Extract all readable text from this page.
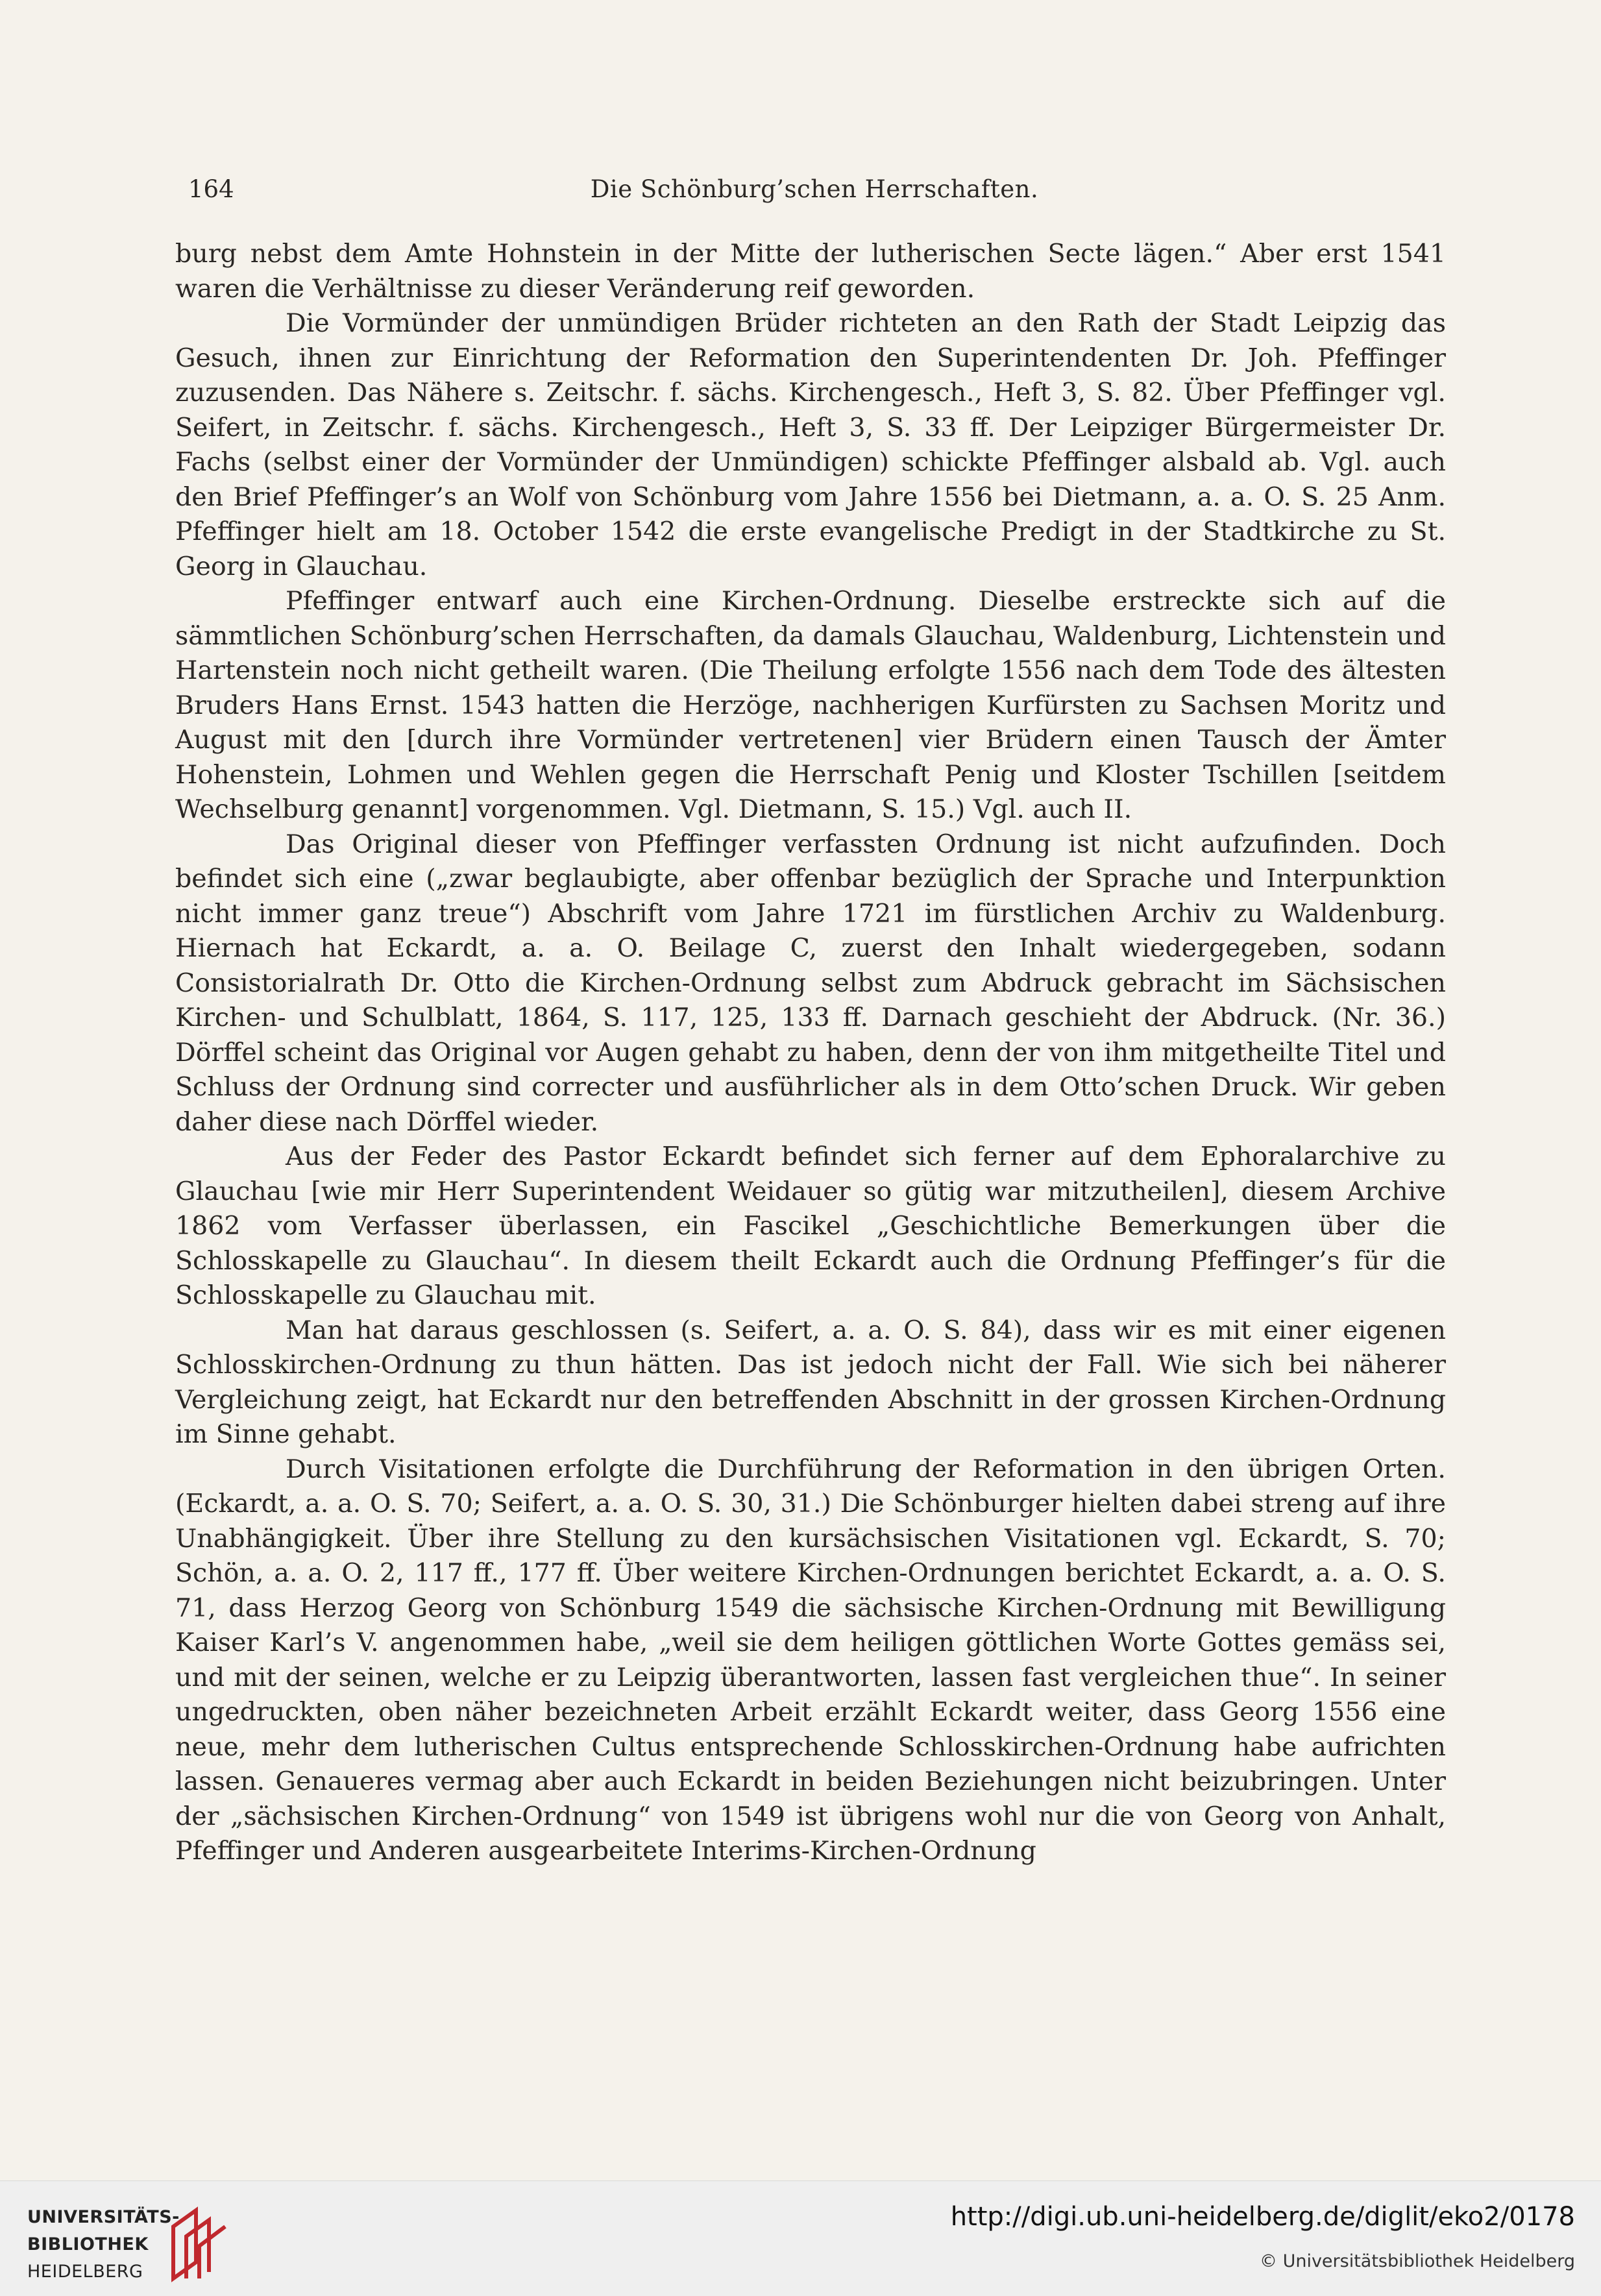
164	Die Schönburg’schen Herrschaften.

burg nebst dem Amte Hohnstein in der Mitte der lutherischen Secte lägen.“ Aber erst 1541 waren die Verhältnisse zu dieser Veränderung reif geworden.

Die Vormünder der unmündigen Brüder richteten an den Rath der Stadt Leipzig das Gesuch, ihnen zur Einrichtung der Reformation den Superintendenten Dr. Joh. Pfeffinger zuzusenden. Das Nähere s. Zeitschr. f. sächs. Kirchengesch., Heft 3, S. 82. Über Pfeffinger vgl. Seifert, in Zeitschr. f. sächs. Kirchengesch., Heft 3, S. 33 ff. Der Leipziger Bürgermeister Dr. Fachs (selbst einer der Vormünder der Unmündigen) schickte Pfeffinger alsbald ab. Vgl. auch den Brief Pfeffinger’s an Wolf von Schönburg vom Jahre 1556 bei Dietmann, a. a. O. S. 25 Anm. Pfeffinger hielt am 18. October 1542 die erste evangelische Predigt in der Stadtkirche zu St. Georg in Glauchau.

Pfeffinger entwarf auch eine Kirchen-Ordnung. Dieselbe erstreckte sich auf die sämmtlichen Schönburg’schen Herrschaften, da damals Glauchau, Waldenburg, Lichtenstein und Hartenstein noch nicht getheilt waren. (Die Theilung erfolgte 1556 nach dem Tode des ältesten Bruders Hans Ernst. 1543 hatten die Herzöge, nachherigen Kurfürsten zu Sachsen Moritz und August mit den [durch ihre Vormünder vertretenen] vier Brüdern einen Tausch der Ämter Hohenstein, Lohmen und Wehlen gegen die Herrschaft Penig und Kloster Tschillen [seitdem Wechselburg genannt] vorgenommen. Vgl. Dietmann, S. 15.) Vgl. auch II.

Das Original dieser von Pfeffinger verfassten Ordnung ist nicht aufzufinden. Doch befindet sich eine („zwar beglaubigte, aber offenbar bezüglich der Sprache und Interpunktion nicht immer ganz treue“) Abschrift vom Jahre 1721 im fürstlichen Archiv zu Waldenburg. Hiernach hat Eckardt, a. a. O. Beilage C, zuerst den Inhalt wiedergegeben, sodann Consistorialrath Dr. Otto die Kirchen-Ordnung selbst zum Abdruck gebracht im Sächsischen Kirchen- und Schulblatt, 1864, S. 117, 125, 133 ff. Darnach geschieht der Abdruck. (Nr. 36.) Dörffel scheint das Original vor Augen gehabt zu haben, denn der von ihm mitgetheilte Titel und Schluss der Ordnung sind correcter und ausführlicher als in dem Otto’schen Druck. Wir geben daher diese nach Dörffel wieder.

Aus der Feder des Pastor Eckardt befindet sich ferner auf dem Ephoralarchive zu Glauchau [wie mir Herr Superintendent Weidauer so gütig war mitzutheilen], diesem Archive 1862 vom Verfasser überlassen, ein Fascikel „Geschichtliche Bemerkungen über die Schlosskapelle zu Glauchau“. In diesem theilt Eckardt auch die Ordnung Pfeffinger’s für die Schlosskapelle zu Glauchau mit.

Man hat daraus geschlossen (s. Seifert, a. a. O. S. 84), dass wir es mit einer eigenen Schlosskirchen-Ordnung zu thun hätten. Das ist jedoch nicht der Fall. Wie sich bei näherer Vergleichung zeigt, hat Eckardt nur den betreffenden Abschnitt in der grossen Kirchen-Ordnung im Sinne gehabt.

Durch Visitationen erfolgte die Durchführung der Reformation in den übrigen Orten. (Eckardt, a. a. O. S. 70; Seifert, a. a. O. S. 30, 31.) Die Schönburger hielten dabei streng auf ihre Unabhängigkeit. Über ihre Stellung zu den kursächsischen Visitationen vgl. Eckardt, S. 70; Schön, a. a. O. 2, 117 ff., 177 ff. Über weitere Kirchen-Ordnungen berichtet Eckardt, a. a. O. S. 71, dass Herzog Georg von Schönburg 1549 die sächsische Kirchen-Ordnung mit Bewilligung Kaiser Karl’s V. angenommen habe, „weil sie dem heiligen göttlichen Worte Gottes gemäss sei, und mit der seinen, welche er zu Leipzig überantworten, lassen fast vergleichen thue“. In seiner ungedruckten, oben näher bezeichneten Arbeit erzählt Eckardt weiter, dass Georg 1556 eine neue, mehr dem lutherischen Cultus entsprechende Schlosskirchen-Ordnung habe aufrichten lassen. Genaueres vermag aber auch Eckardt in beiden Beziehungen nicht beizubringen. Unter der „sächsischen Kirchen-Ordnung“ von 1549 ist übrigens wohl nur die von Georg von Anhalt, Pfeffinger und Anderen ausgearbeitete Interims-Kirchen-Ordnung

UNIVERSITÄTS-
BIBLIOTHEK
HEIDELBERG
http://digi.ub.uni-heidelberg.de/diglit/eko2/0178
© Universitätsbibliothek Heidelberg
